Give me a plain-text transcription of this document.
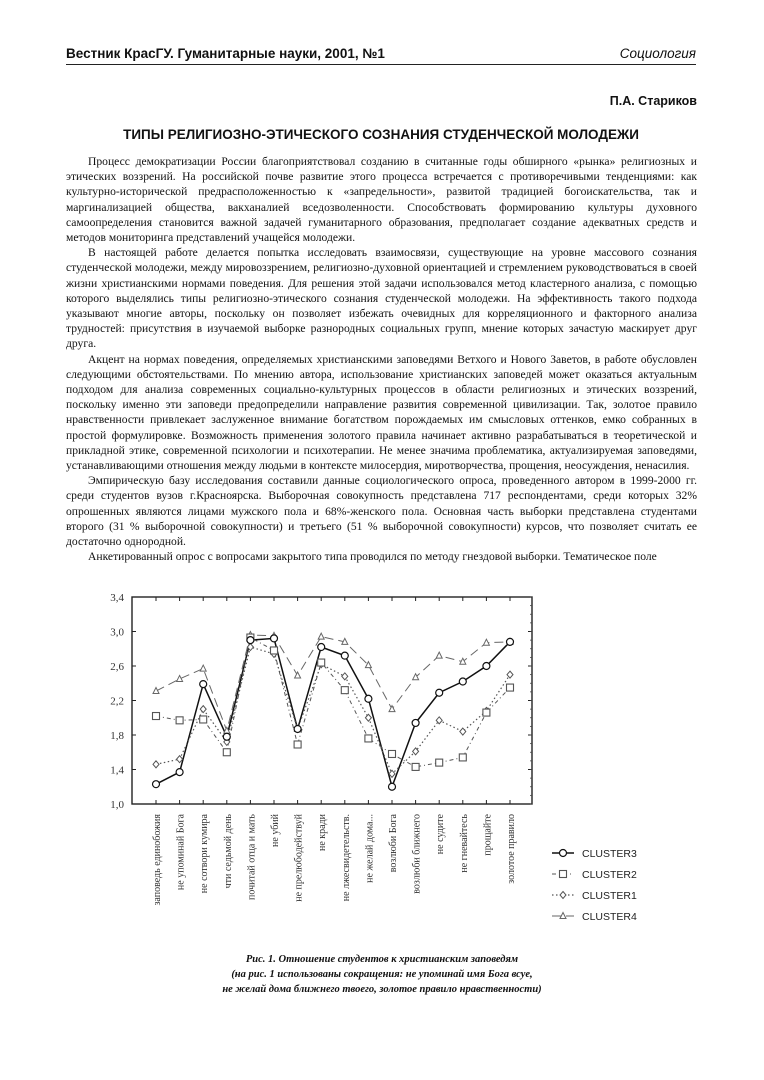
Вестник КрасГУ. Гуманитарные науки, 2001, №1	Социология
П.А. Стариков
ТИПЫ РЕЛИГИОЗНО-ЭТИЧЕСКОГО СОЗНАНИЯ СТУДЕНЧЕСКОЙ МОЛОДЕЖИ

Процесс демократизации России благоприятствовал созданию в считанные годы обширного «рынка» религиозных и этических воззрений. На российской почве развитие этого процесса встречается с противоречивыми тенденциями: как культурно-исторической предрасположенностью к «запредельности», развитой традицией богоискательства, так и маргинализацией общества, вакханалией вседозволенности. Способствовать формированию культуры духовного самоопределения становится важной задачей гуманитарного образования, предполагает создание адекватных средств и методов мониторинга представлений учащейся молодежи.

В настоящей работе делается попытка исследовать взаимосвязи, существующие на уровне массового сознания студенческой молодежи, между мировоззрением, религиозно-духовной ориентацией и стремлением руководствоваться в своей жизни христианскими нормами поведения. Для решения этой задачи использовался метод кластерного анализа, с помощью которого выделялись типы религиозно-этического сознания студенческой молодежи. На эффективность такого подхода указывают многие авторы, поскольку он позволяет избежать очевидных для корреляционного и факторного анализа трудностей: присутствия в изучаемой выборке разнородных социальных групп, мнение которых зачастую маскирует друг друга.

Акцент на нормах поведения, определяемых христианскими заповедями Ветхого и Нового Заветов, в работе обусловлен следующими обстоятельствами. По мнению автора, использование христианских заповедей может оказаться актуальным подходом для анализа современных социально-культурных процессов в области религиозных и этических воззрений, поскольку именно эти заповеди предопределили направление развития современной цивилизации. Так, золотое правило нравственности привлекает заслуженное внимание богатством порождаемых им смысловых оттенков, емко собранных в простой формулировке. Возможность применения золотого правила начинает активно разрабатываться в теоретической и прикладной этике, современной психологии и психотерапии. Не менее значима проблематика, актуализируемая заповедями, устанавливающими отношения между людьми в контексте милосердия, миротворчества, прощения, неосуждения, ненасилия.

Эмпирическую базу исследования составили данные социологического опроса, проведенного автором в 1999-2000 гг. среди студентов вузов г.Красноярска. Выборочная совокупность представлена 717 респондентами, среди которых 32% опрошенных являются лицами мужского пола и 68%-женского пола. Основная часть выборки представлена студентами второго (31 % выборочной совокупности) и третьего (51 % выборочной совокупности) курсов, что позволяет считать ее достаточно однородной.

Анкетированный опрос с вопросами закрытого типа проводился по методу гнездовой выборки. Тематическое поле

1,0
1,4
1,8
2,2
2,6
3,0
3,4
заповедь единобожия не упоминай Бога не сотвори кумира чти седьмой день почитай отца и мать не убий не прелюбодействуй не кради не лжесвидетельств. не желай дома... возлюби Бога возлюби ближнего не судите не гневайтесь прощайте золотое правило	CLUSTER3
CLUSTER2
CLUSTER1
CLUSTER4
Рис. 1. Отношение студентов к христианским заповедям
(на рис. 1 использованы сокращения: не упоминай имя Бога всуе,
не желай дома ближнего твоего, золотое правило нравственности)
